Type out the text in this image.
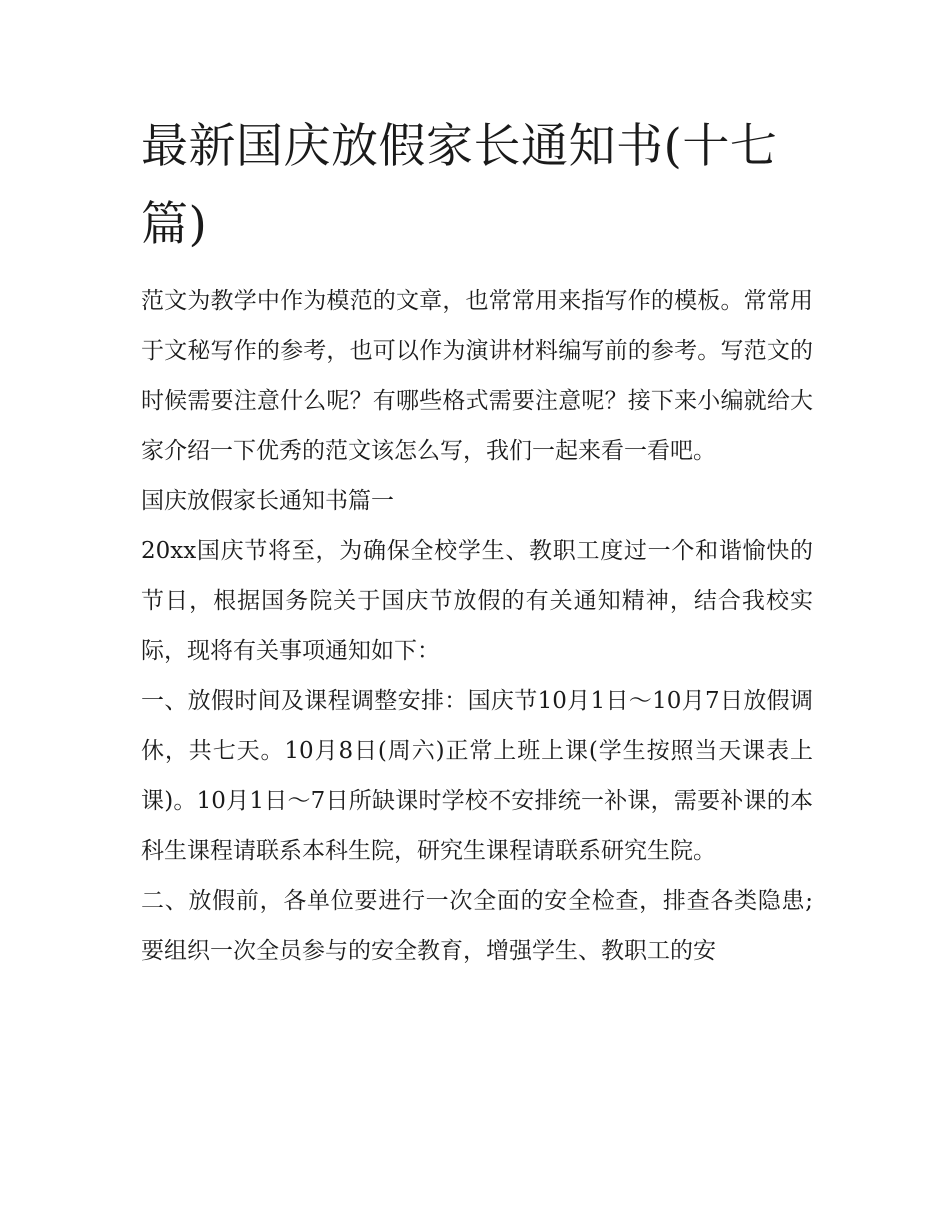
最新国庆放假家长通知书(十七篇)

范文为教学中作为模范的文章，也常常用来指写作的模板。常常用于文秘写作的参考，也可以作为演讲材料编写前的参考。写范文的时候需要注意什么呢？有哪些格式需要注意呢？接下来小编就给大家介绍一下优秀的范文该怎么写，我们一起来看一看吧。

国庆放假家长通知书篇一

20xx国庆节将至，为确保全校学生、教职工度过一个和谐愉快的节日，根据国务院关于国庆节放假的有关通知精神，结合我校实际，现将有关事项通知如下：

一、放假时间及课程调整安排：国庆节10月1日～10月7日放假调休，共七天。10月8日(周六)正常上班上课(学生按照当天课表上课)。10月1日～7日所缺课时学校不安排统一补课，需要补课的本科生课程请联系本科生院，研究生课程请联系研究生院。

二、放假前，各单位要进行一次全面的安全检查，排查各类隐患;要组织一次全员参与的安全教育，增强学生、教职工的安
